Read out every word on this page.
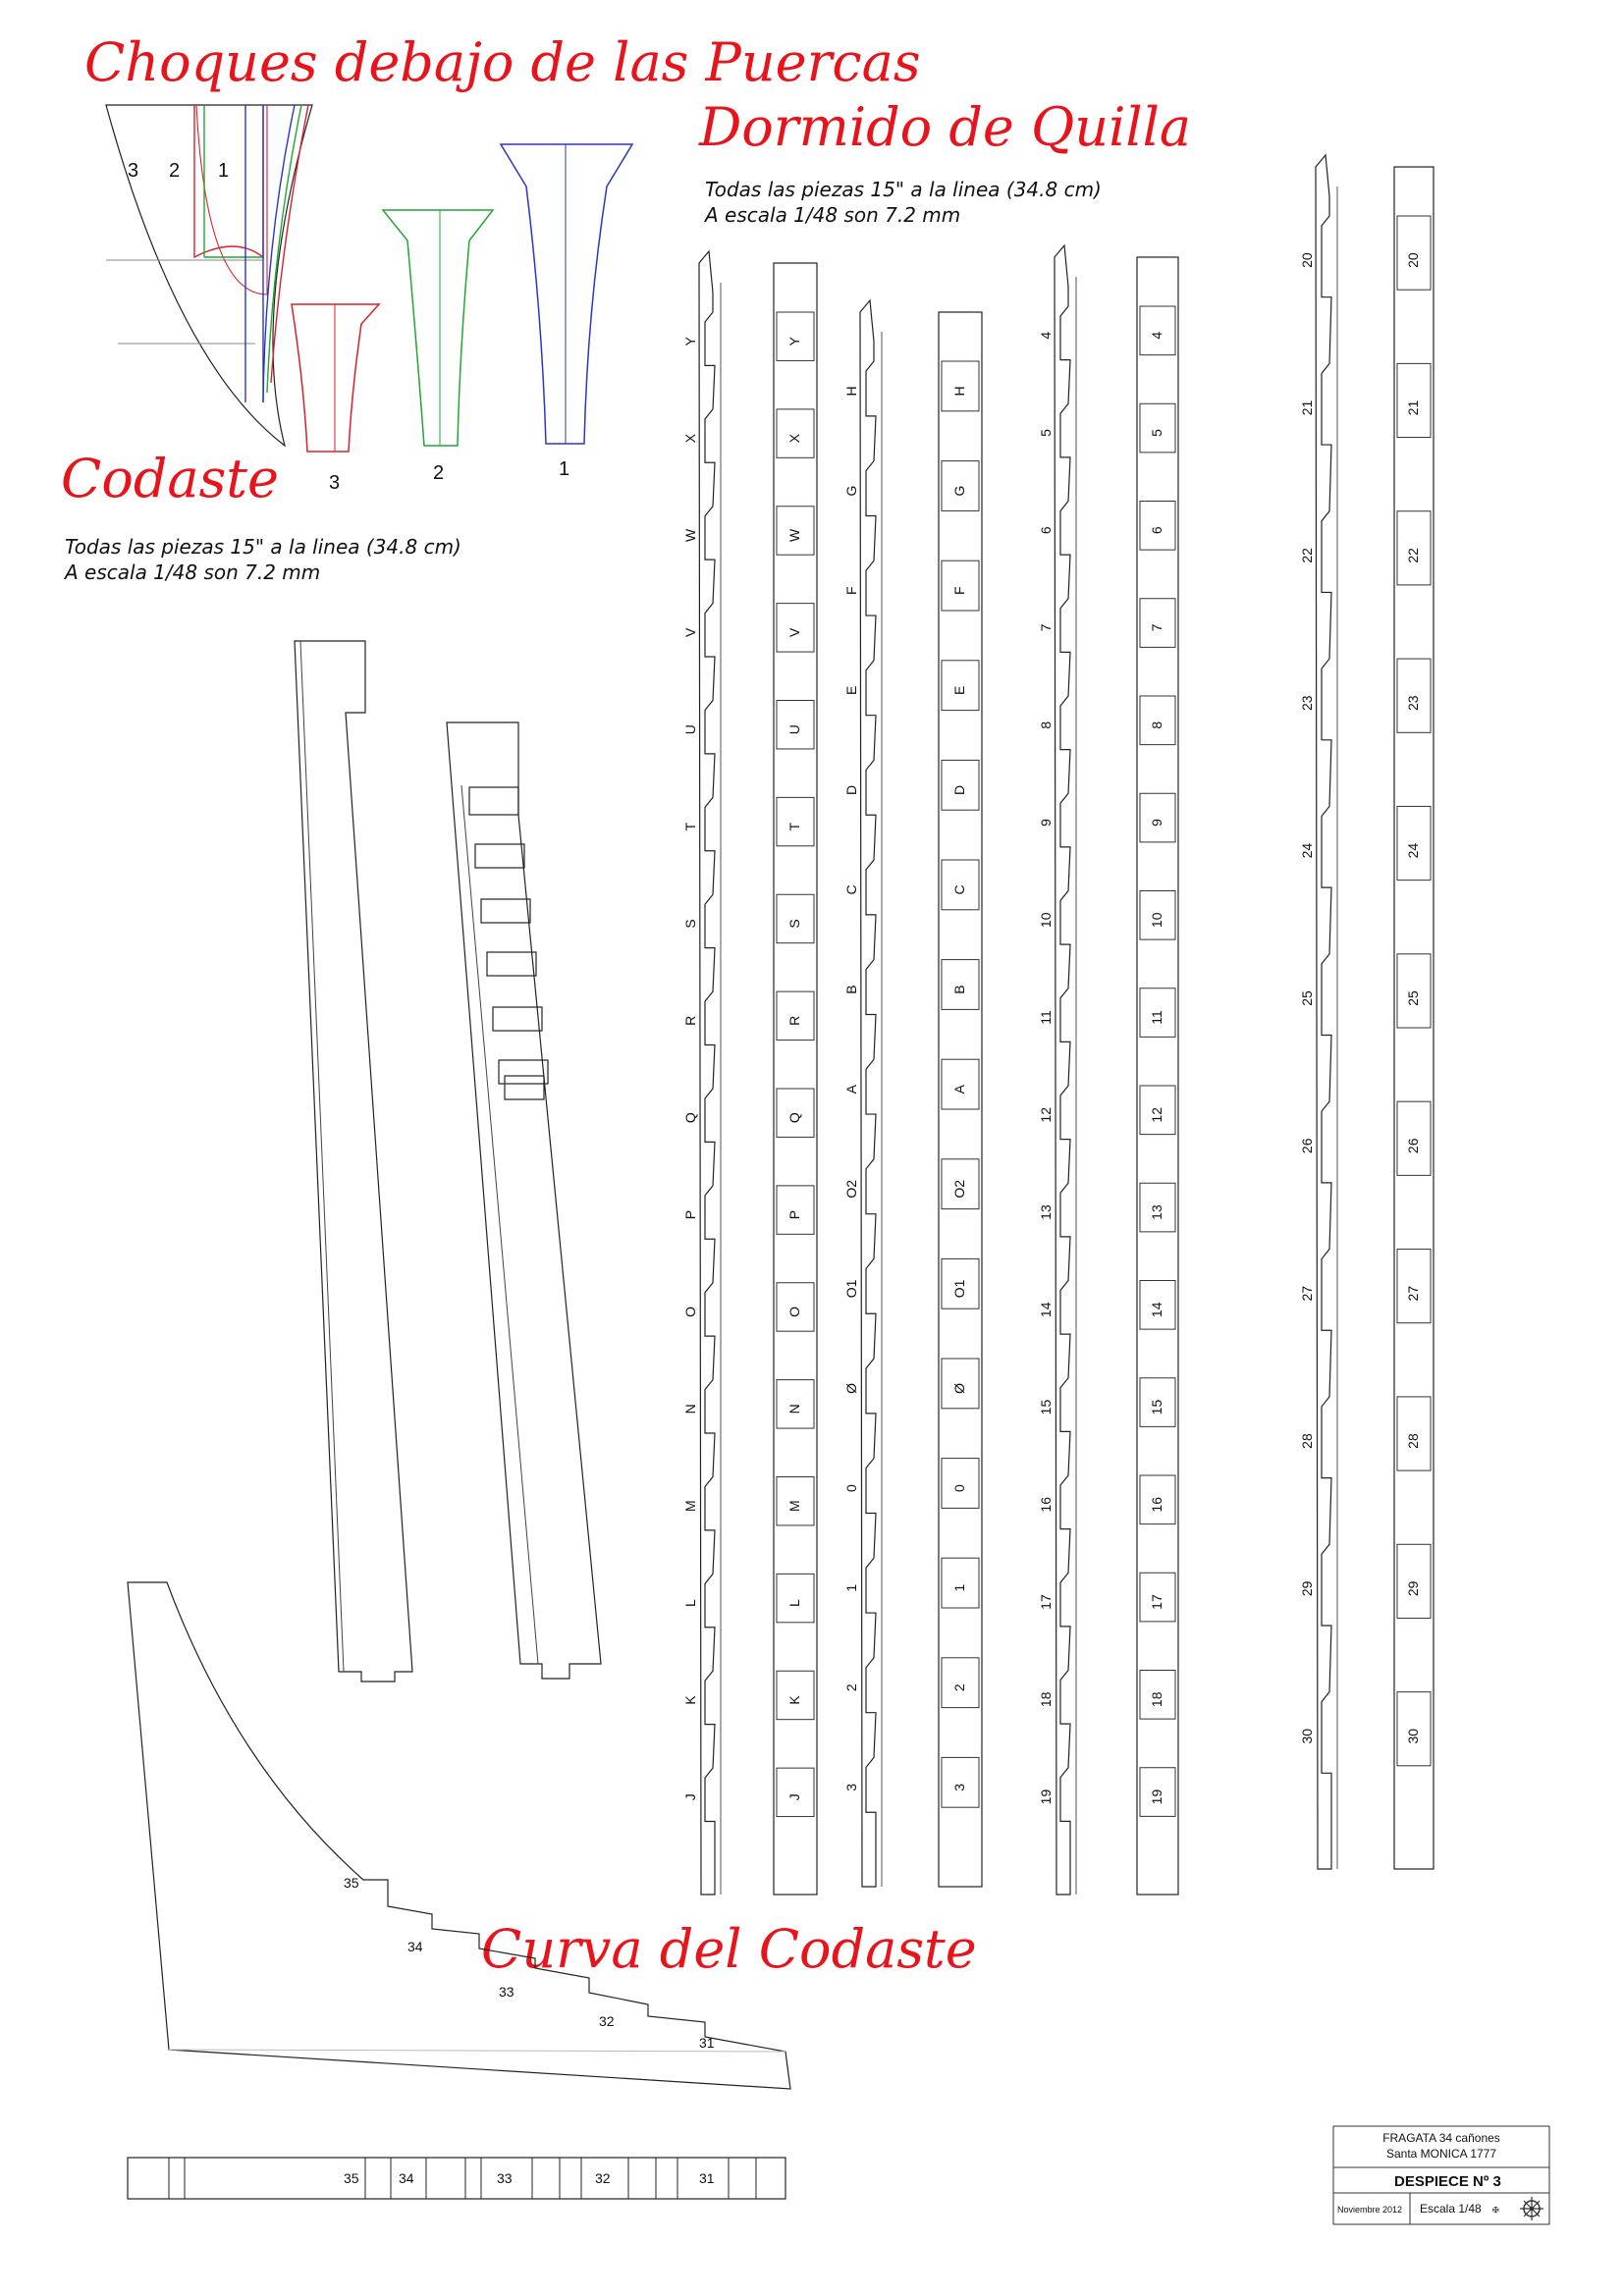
Choques debajo de las Puercas
Dormido de Quilla
Codaste
Curva del Codaste
Todas las piezas 15" a la linea (34.8 cm)
A escala 1/48 son 7.2 mm
Todas las piezas 15" a la linea (34.8 cm)
A escala 1/48 son 7.2 mm
3 2 1
3	2	1
35
34
33
32
31
35	34	33	32	31
Y	Y
X	X
W	W
V	V
U	U
T	T
S	S
R	R
Q	Q
P	P
O	O
N	N
M	M
L	L
K	K
J	J
H	H
G	G
F	F
E	E
D	D
C	C
B	B
A	A
O2	O2
O1	O1
Ø	Ø
0	0
1	1
2	2
3	3
4	4
5	5
6	6
7	7
8	8
9	9
10	10
11	11
12	12
13	13
14	14
15	15
16	16
17	17
18	18
19	19
20	20
21	21
22	22
23	23
24	24
25	25
26	26
27	27
28	28
29	29
30	30
FRAGATA 34 cañones
Santa MONICA 1777
DESPIECE Nº 3
Noviembre 2012 Escala 1/48 ✠
